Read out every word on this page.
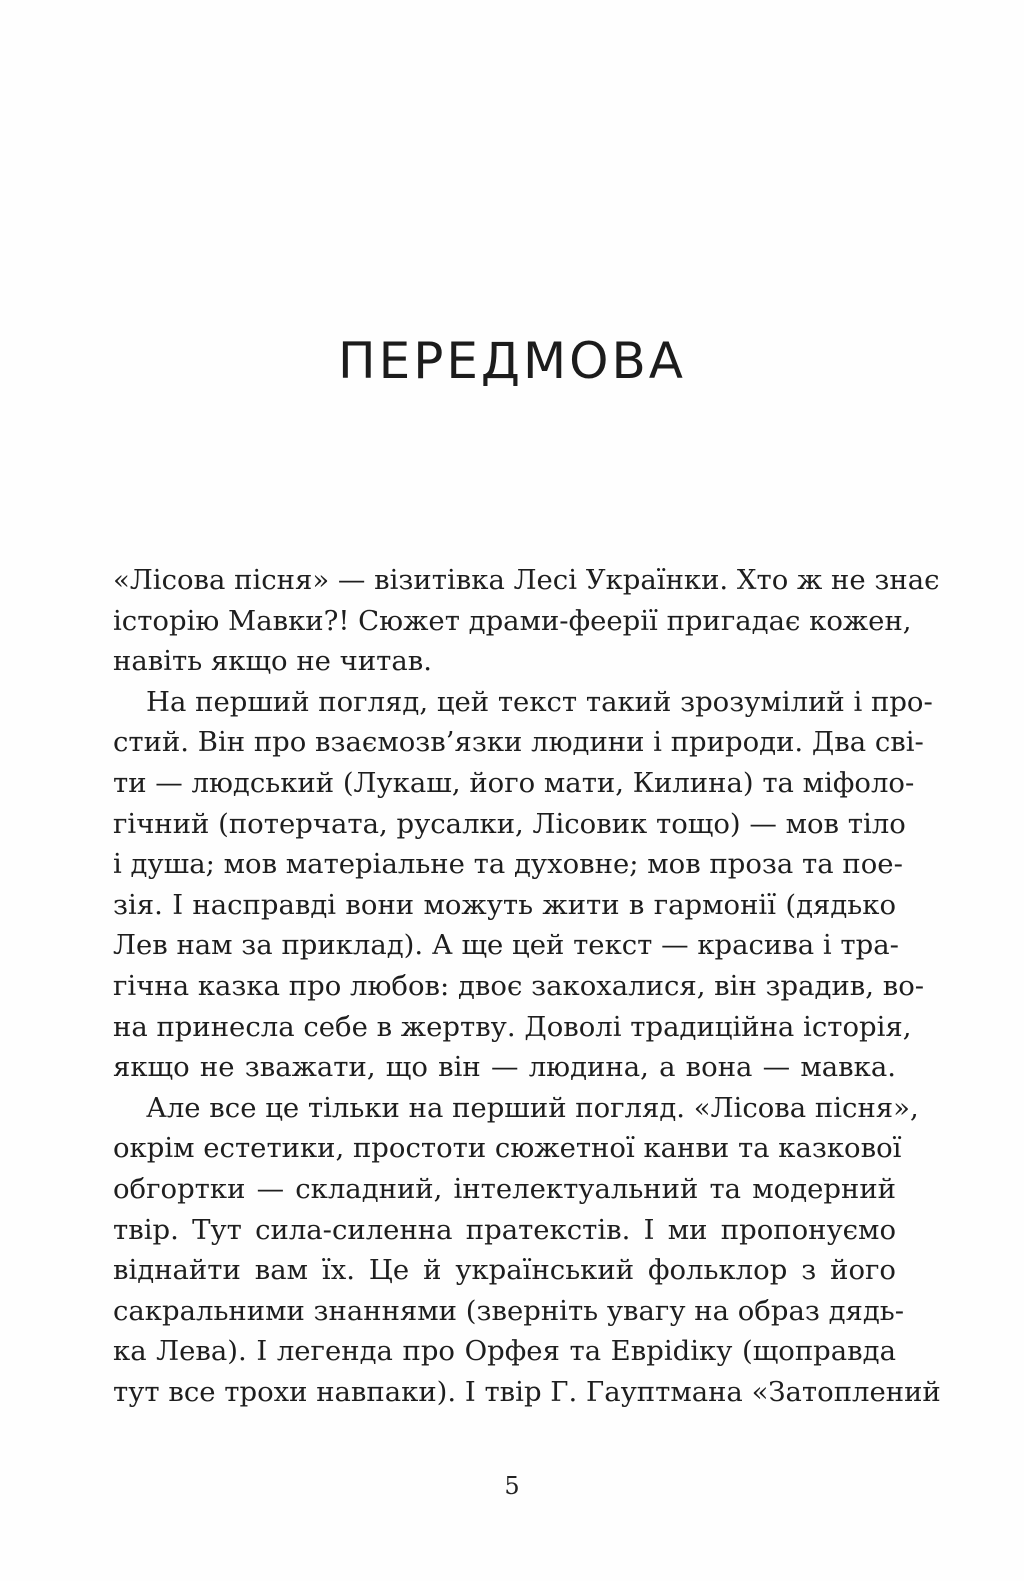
ПЕРЕДМОВА
«Лісова пісня» — візитівка Лесі Українки. Хто ж не знає
історію Мавки?! Сюжет драми-феерії пригадає кожен,
навіть якщо не читав.
На перший погляд, цей текст такий зрозумілий і про-
стий. Він про взаємозв’язки людини і природи. Два сві-
ти — людський (Лукаш, його мати, Килина) та міфоло-
гічний (потерчата, русалки, Лісовик тощо) — мов тіло
і душа; мов матеріальне та духовне; мов проза та пое-
зія. І насправді вони можуть жити в гармонії (дядько
Лев нам за приклад). А ще цей текст — красива і тра-
гічна казка про любов: двоє закохалися, він зрадив, во-
на принесла себе в жертву. Доволі традиційна історія,
якщо не зважати, що він — людина, а вона — мавка.
Але все це тільки на перший погляд. «Лісова пісня»,
окрім естетики, простоти сюжетної канви та казкової
обгортки — складний, інтелектуальний та модерний
твір. Тут сила-силенна пратекстів. І ми пропонуємо
віднайти вам їх. Це й український фольклор з його
сакральними знаннями (зверніть увагу на образ дядь-
ка Лева). І легенда про Орфея та Евріdіку (щоправда
тут все трохи навпаки). І твір Г. Гауптмана «Затоплений
5
